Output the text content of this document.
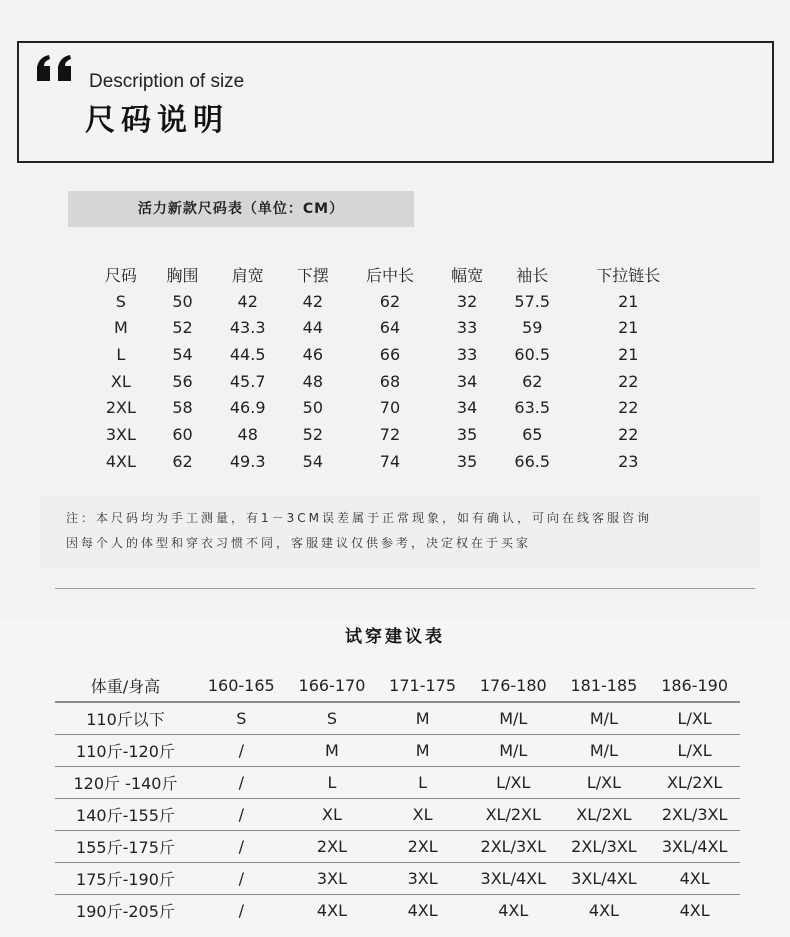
Description of size
尺码说明
活力新款尺码表（单位：CM）
尺码	胸围	肩宽	下摆	后中长	幅宽	袖长	下拉链长
S	50	42	42	62	32	57.5	21
M	52	43.3	44	64	33	59	21
L	54	44.5	46	66	33	60.5	21
XL	56	45.7	48	68	34	62	22
2XL	58	46.9	50	70	34	63.5	22
3XL	60	48	52	72	35	65	22
4XL	62	49.3	54	74	35	66.5	23
注：本尺码均为手工测量，有1－3CM误差属于正常现象，如有确认，可向在线客服咨询
因每个人的体型和穿衣习惯不同，客服建议仅供参考，决定权在于买家
试穿建议表
体重/身高	160-165	166-170	171-175	176-180	181-185	186-190
110斤以下	S	S	M	M/L	M/L	L/XL
110斤-120斤	/	M	M	M/L	M/L	L/XL
120斤 -140斤	/	L	L	L/XL	L/XL	XL/2XL
140斤-155斤	/	XL	XL	XL/2XL	XL/2XL	2XL/3XL
155斤-175斤	/	2XL	2XL	2XL/3XL	2XL/3XL	3XL/4XL
175斤-190斤	/	3XL	3XL	3XL/4XL	3XL/4XL	4XL
190斤-205斤	/	4XL	4XL	4XL	4XL	4XL
